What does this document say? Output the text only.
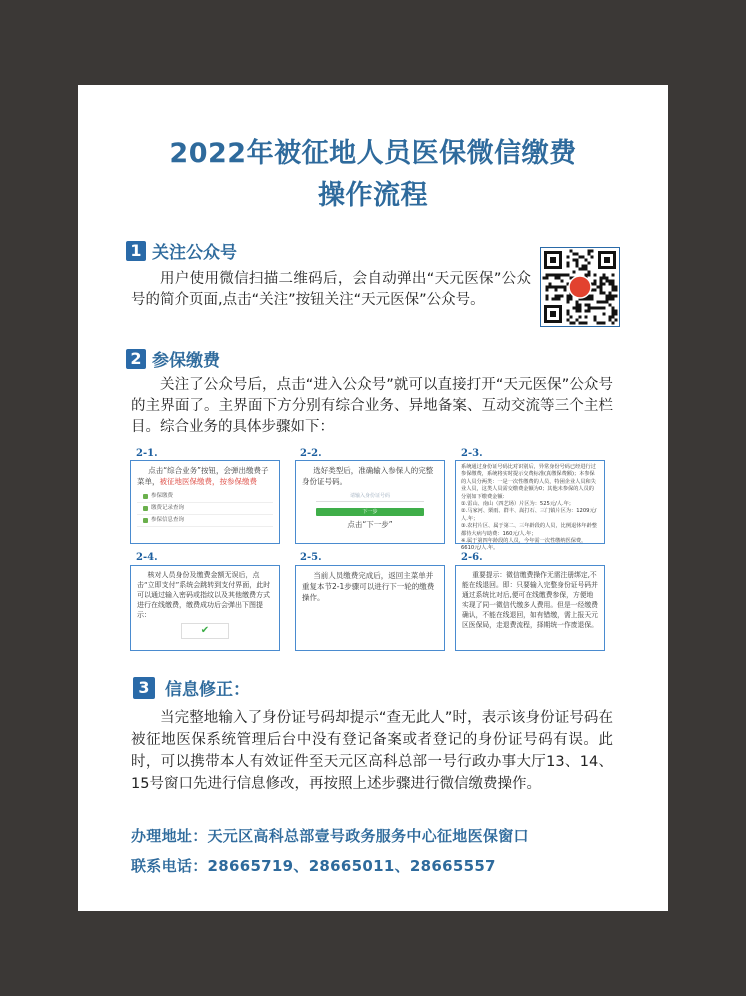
2022年被征地人员医保微信缴费
操作流程
1 关注公众号

用户使用微信扫描二维码后，会自动弹出“天元医保”公众号的简介页面,点击“关注”按钮关注“天元医保”公众号。

2 参保缴费

关注了公众号后，点击“进入公众号”就可以直接打开“天元医保”公众号的主界面了。主界面下方分别有综合业务、异地备案、互动交流等三个主栏目。综合业务的具体步骤如下：

2-1.

点击“综合业务”按钮，会弹出缴费子菜单，被征地医保缴费，按参保缴费

参保缴费
缴费记录查询
参保信息查询
2-2.

选好类型后，准确输入参保人的完整身份证号码。

请输入身份证号码
下一步
点击“下一步”
2-3.

系统通过身份证号码比对识别后，异常身份号码已经进行过参保缴费，系统将实时提示交费标准(真缴保费额)；本参保的人员分两类：一是一次性缴费的人员，特困企业人员和失业人员，这类人员需交缴费金额为0；其他未参保的人员的分别如下缴费金额：

①.雷山、南山（四艺场）片区为：525元/人.年；

②.马家河、栗雨、群丰、嵩打石、三门镇片区为：1209元/人.年；

③.农村片区、属于第二、三年龄段的人员，比例退休年龄整都待大病与助费：160元/人.年；

※.属于第四年龄段的人员，今年需一次性缴纳医保费，6610元/人.年。

2-4.

核对人员身份及缴费金额无误后，点击“立即支付”系统会跳转到支付界面，此时可以通过输入密码或指纹以及其他缴费方式进行在线缴费，缴费成功后会弹出下图提示：

✔
2-5.

当前人员缴费完成后，返回主菜单并重复本节2-1步骤可以进行下一轮的缴费操作。

2-6.

重要提示：微信缴费操作无需注册绑定,不能在线退回。即：只要输入完整身份证号码并通过系统比对后,便可在线缴费参保，方便地实现了同一微信代缴多人费用。但是一经缴费确认，不能在线退回，如有错缴，需上报天元区医保局，走退费流程，择期统一作废退保。

3 信息修正：

当完整地输入了身份证号码却提示“查无此人”时，表示该身份证号码在被征地医保系统管理后台中没有登记备案或者登记的身份证号码有误。此时，可以携带本人有效证件至天元区高科总部一号行政办事大厅13、14、15号窗口先进行信息修改，再按照上述步骤进行微信缴费操作。

办理地址：天元区高科总部壹号政务服务中心征地医保窗口
联系电话：28665719、28665011、28665557
